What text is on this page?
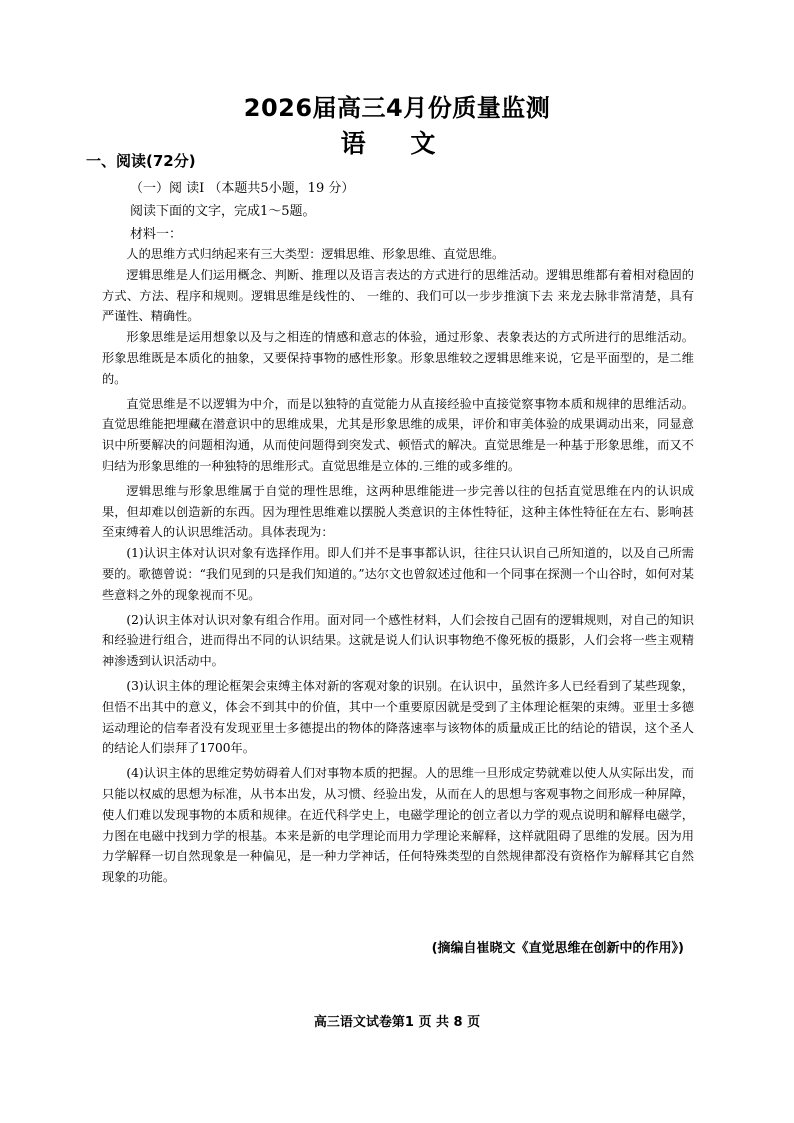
2026届高三4月份质量监测
语 文
一、阅读(72分)
（一）阅 读Ⅰ （本题共5小题，19 分）
阅读下面的文字，完成1～5题。
材料一：

人的思维方式归纳起来有三大类型：逻辑思维、形象思维、直觉思维。

逻辑思维是人们运用概念、判断、推理以及语言表达的方式进行的思维活动。逻辑思维都有着相对稳固的方式、方法、程序和规则。逻辑思维是线性的、 一维的、我们可以一步步推演下去 来龙去脉非常清楚，具有严谨性、精确性。

形象思维是运用想象以及与之相连的情感和意志的体验，通过形象、表象表达的方式所进行的思维活动。形象思维既是本质化的抽象，又要保持事物的感性形象。形象思维较之逻辑思维来说，它是平面型的，是二维的。

直觉思维是不以逻辑为中介，而是以独特的直觉能力从直接经验中直接觉察事物本质和规律的思维活动。直觉思维能把埋藏在潜意识中的思维成果，尤其是形象思维的成果，评价和审美体验的成果调动出来，同显意识中所要解决的问题相沟通，从而使问题得到突发式、顿悟式的解决。直觉思维是一种基于形象思维，而又不归结为形象思维的一种独特的思维形式。直觉思维是立体的.三维的或多维的。

逻辑思维与形象思维属于自觉的理性思维，这两种思维能进一步完善以往的包括直觉思维在内的认识成果，但却难以创造新的东西。因为理性思维难以摆脱人类意识的主体性特征，这种主体性特征在左右、影响甚至束缚着人的认识思维活动。具体表现为：

(1)认识主体对认识对象有选择作用。即人们并不是事事都认识，往往只认识自己所知道的，以及自己所需要的。歌德曾说：“我们见到的只是我们知道的。”达尔文也曾叙述过他和一个同事在探测一个山谷时，如何对某些意料之外的现象视而不见。

(2)认识主体对认识对象有组合作用。面对同一个感性材料，人们会按自己固有的逻辑规则，对自己的知识和经验进行组合，进而得出不同的认识结果。这就是说人们认识事物绝不像死板的摄影，人们会将一些主观精神渗透到认识活动中。

(3)认识主体的理论框架会束缚主体对新的客观对象的识别。在认识中，虽然许多人已经看到了某些现象，但悟不出其中的意义，体会不到其中的价值，其中一个重要原因就是受到了主体理论框架的束缚。亚里士多德运动理论的信奉者没有发现亚里士多德提出的物体的降落速率与该物体的质量成正比的结论的错误，这个圣人的结论人们崇拜了1700年。

(4)认识主体的思维定势妨碍着人们对事物本质的把握。人的思维一旦形成定势就难以使人从实际出发，而只能以权威的思想为标准，从书本出发，从习惯、经验出发，从而在人的思想与客观事物之间形成一种屏障，使人们难以发现事物的本质和规律。在近代科学史上，电磁学理论的创立者以力学的观点说明和解释电磁学，力图在电磁中找到力学的根基。本来是新的电学理论而用力学理论来解释，这样就阻碍了思维的发展。因为用力学解释一切自然现象是一种偏见，是一种力学神话，任何特殊类型的自然规律都没有资格作为解释其它自然现象的功能。

(摘编自崔晓文《直觉思维在创新中的作用》)
高三语文试卷第1 页 共 8 页
